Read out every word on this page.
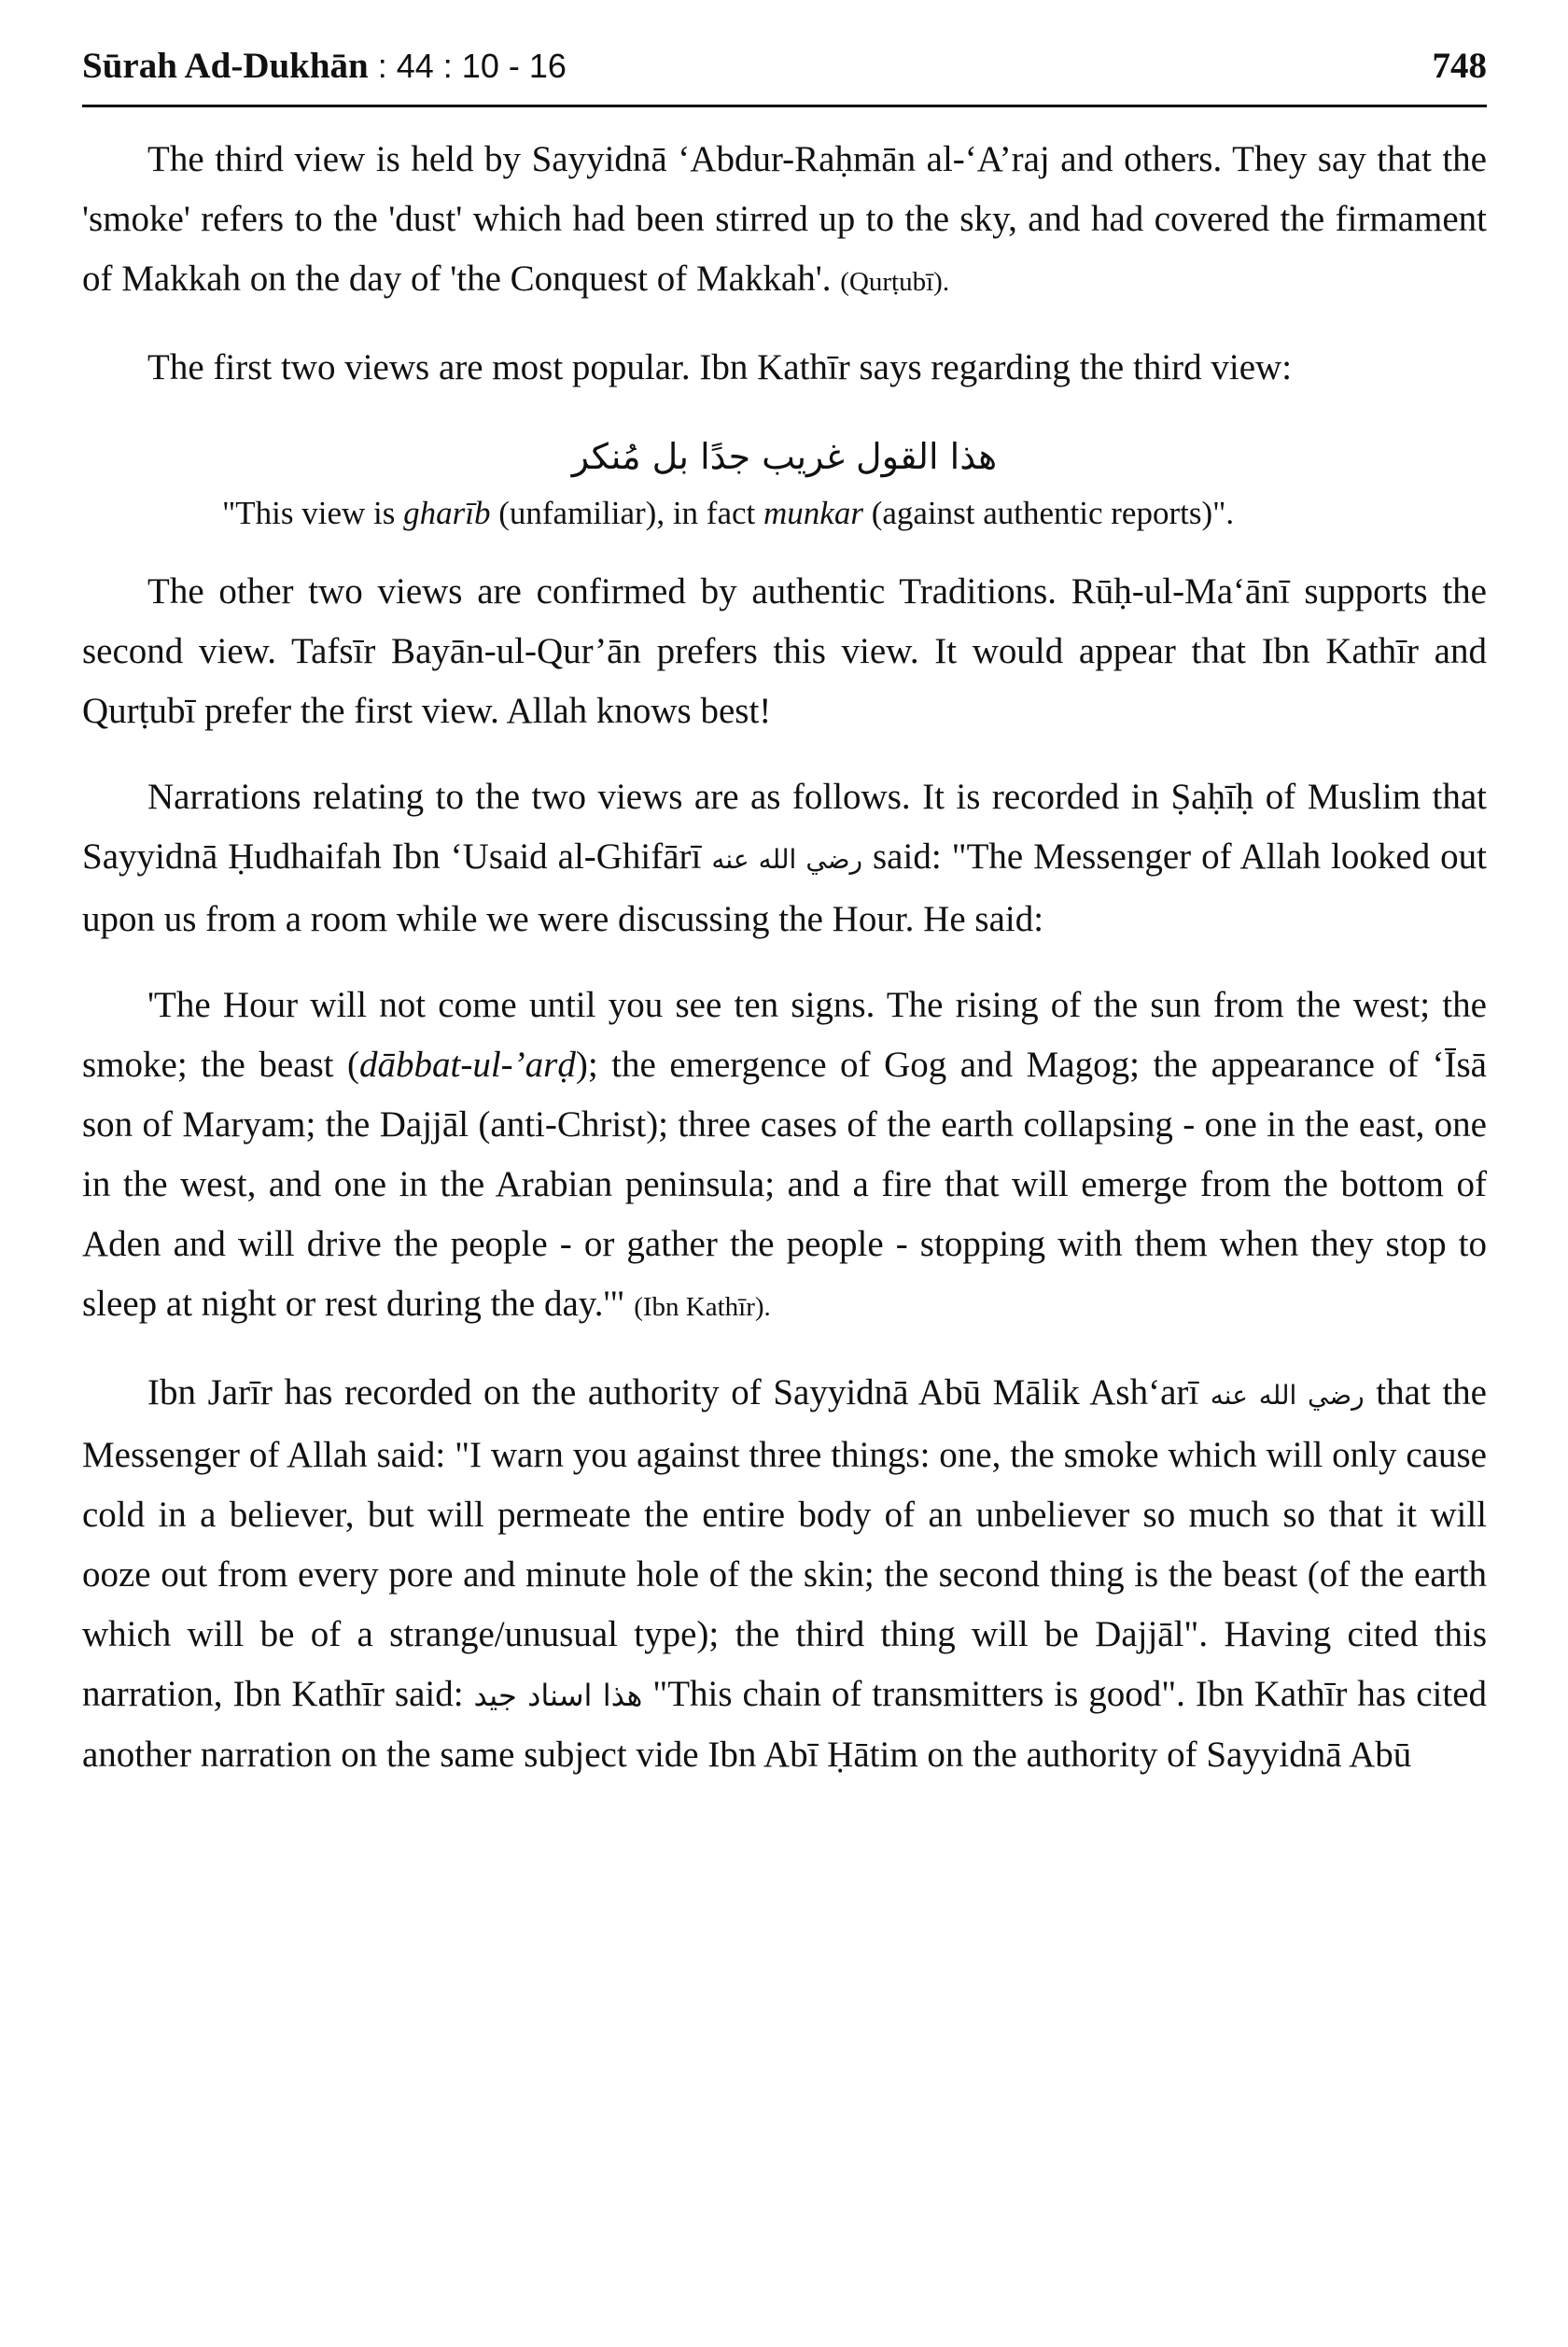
Sūrah Ad-Dukhān : 44 : 10 - 16	748

The third view is held by Sayyidnā ‘Abdur-Raḥmān al-‘A’raj and others. They say that the 'smoke' refers to the 'dust' which had been stirred up to the sky, and had covered the firmament of Makkah on the day of 'the Conquest of Makkah'. (Qurṭubī).

The first two views are most popular. Ibn Kathīr says regarding the third view:

هذا القول غريب جدًا بل مُنكر
"This view is gharīb (unfamiliar), in fact munkar (against authentic reports)".

The other two views are confirmed by authentic Traditions. Rūḥ-ul-Ma‘ānī supports the second view. Tafsīr Bayān-ul-Qur’ān prefers this view. It would appear that Ibn Kathīr and Qurṭubī prefer the first view. Allah knows best!

Narrations relating to the two views are as follows. It is recorded in Ṣaḥīḥ of Muslim that Sayyidnā Ḥudhaifah Ibn ‘Usaid al-Ghifārī رضي الله عنه said: "The Messenger of Allah looked out upon us from a room while we were discussing the Hour. He said:

'The Hour will not come until you see ten signs. The rising of the sun from the west; the smoke; the beast (dābbat-ul-’arḍ); the emergence of Gog and Magog; the appearance of ‘Īsā son of Maryam; the Dajjāl (anti-Christ); three cases of the earth collapsing - one in the east, one in the west, and one in the Arabian peninsula; and a fire that will emerge from the bottom of Aden and will drive the people - or gather the people - stopping with them when they stop to sleep at night or rest during the day.'" (Ibn Kathīr).

Ibn Jarīr has recorded on the authority of Sayyidnā Abū Mālik Ash‘arī رضي الله عنه that the Messenger of Allah said: "I warn you against three things: one, the smoke which will only cause cold in a believer, but will permeate the entire body of an unbeliever so much so that it will ooze out from every pore and minute hole of the skin; the second thing is the beast (of the earth which will be of a strange/unusual type); the third thing will be Dajjāl". Having cited this narration, Ibn Kathīr said: هذا اسناد جيد "This chain of transmitters is good". Ibn Kathīr has cited another narration on the same subject vide Ibn Abī Ḥātim on the authority of Sayyidnā Abū
